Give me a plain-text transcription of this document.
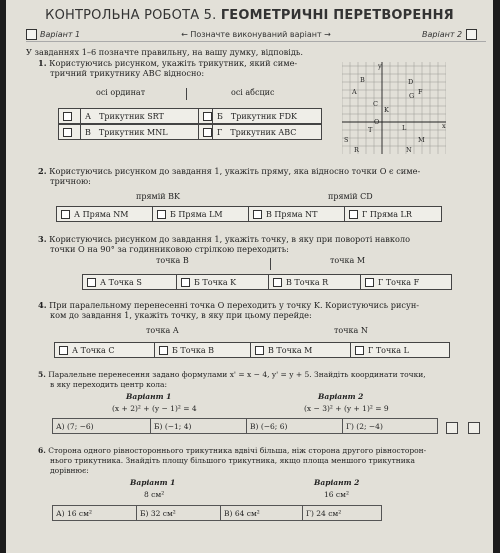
КОНТРОЛЬНА РОБОТА 5. ГЕОМЕТРИЧНІ ПЕРЕТВОРЕННЯ
Варіант 1	← Позначте виконуваний варіант →	Варіант 2
У завданнях 1–6 позначте правильну, на вашу думку, відповідь.
1. Користуючись рисунком, укажіть трикутник, який симе-
тричний трикутнику ABC відносно:
осі ординат	осі абсцис
А Трикутник SRT	Б Трикутник FDK
В Трикутник MNL	Г Трикутник ABC
y
x
A
B
C
D
F
G
K
L
M
N
O
R
S
T
2. Користуючись рисунком до завдання 1, укажіть пряму, яка відносно точки O є симе-
тричною:
прямій BK	прямій CD
А Пряма NM	Б Пряма LM	В Пряма NT	Г Пряма LR
3. Користуючись рисунком до завдання 1, укажіть точку, в яку при повороті навколо
точки O на 90° за годинниковою стрілкою переходить:
точка B	точка M
А Точка S	Б Точка K	В Точка R	Г Точка F
4. При паралельному перенесенні точка O переходить у точку K. Користуючись рисун-
ком до завдання 1, укажіть точку, в яку при цьому перейде:
точка A	точка N
А Точка C	Б Точка B	В Точка M	Г Точка L
5. Паралельне перенесення задано формулами x' = x − 4, y' = y + 5. Знайдіть координати точки,
в яку переходить центр кола:
Варіант 1
(x + 2)² + (y − 1)² = 4
Варіант 2
(x − 3)² + (y + 1)² = 9
А) (7; −6)	Б) (−1; 4)	В) (−6; 6)	Г) (2; −4)
6. Сторона одного рівностороннього трикутника вдвічі більша, ніж сторона другого рівносторон-
нього трикутника. Знайдіть площу більшого трикутника, якщо площа меншого трикутника
дорівнює:
Варіант 1
8 см²
Варіант 2
16 см²
А) 16 см²	Б) 32 см²	В) 64 см²	Г) 24 см²
